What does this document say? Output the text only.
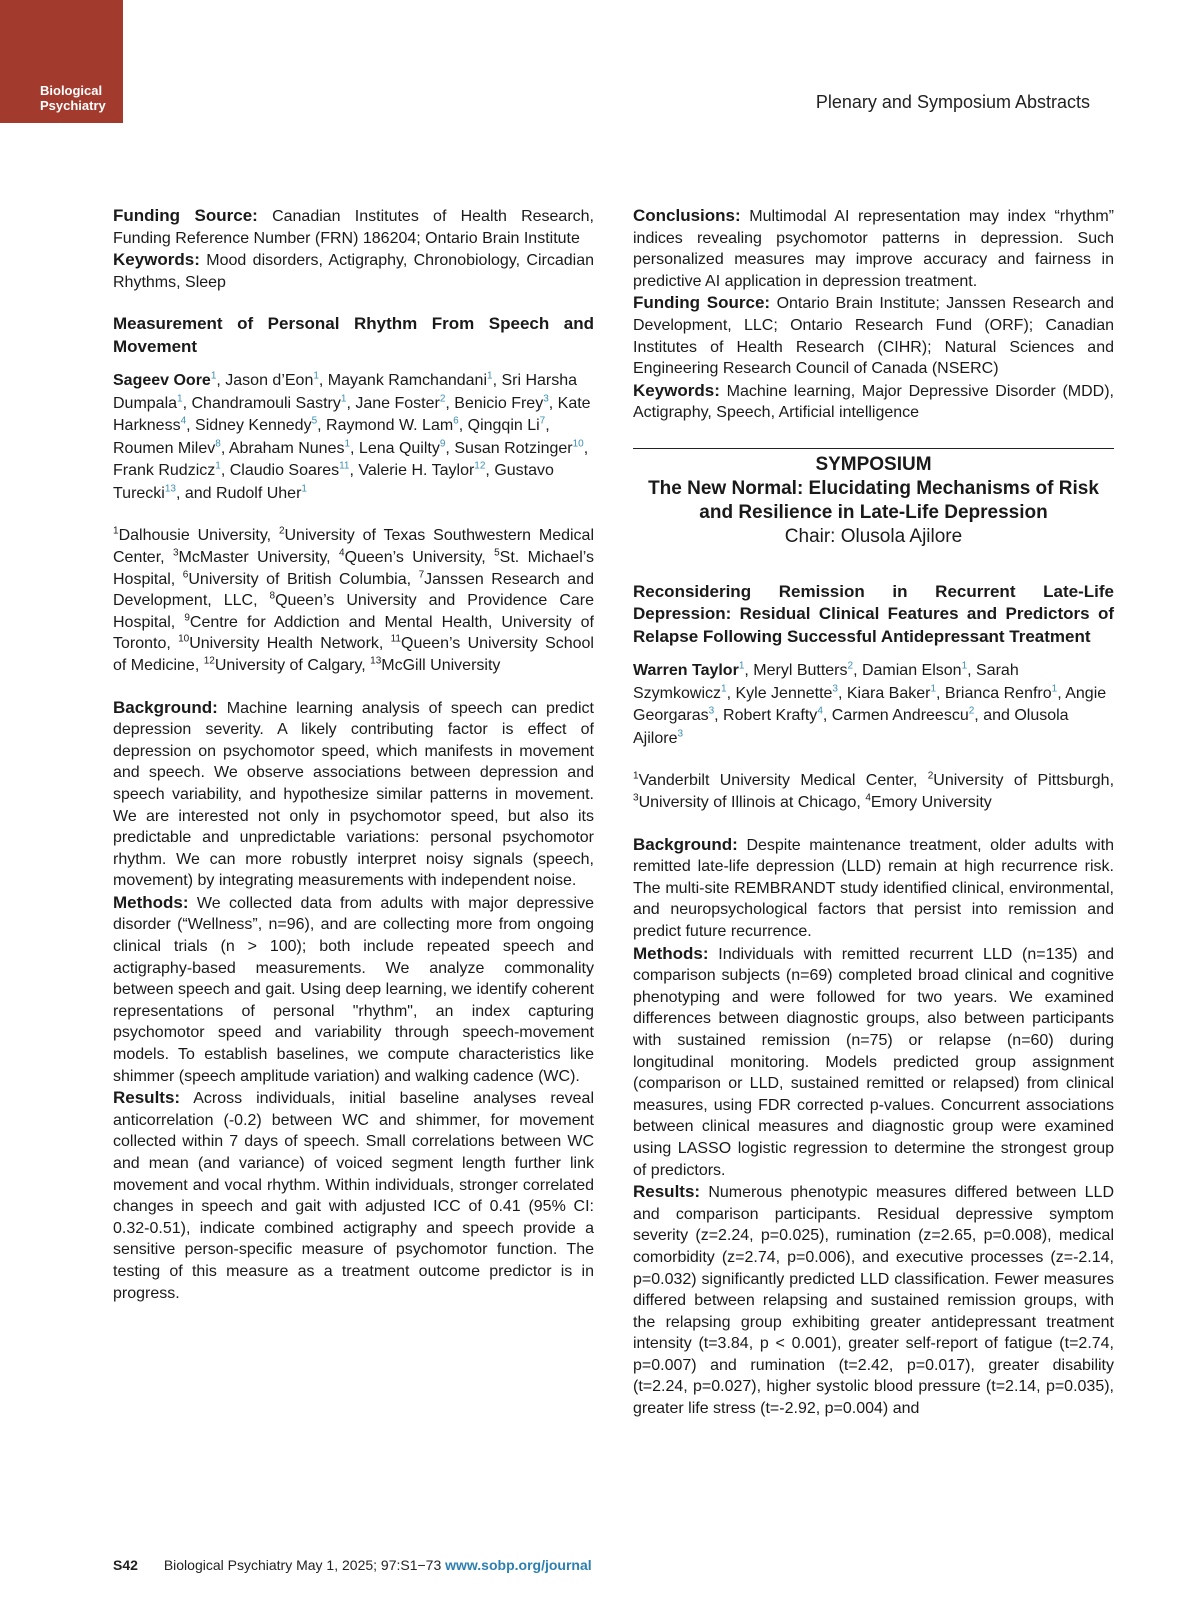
Biological
Psychiatry	Plenary and Symposium Abstracts

Funding Source: Canadian Institutes of Health Research, Funding Reference Number (FRN) 186204; Ontario Brain Institute

Keywords: Mood disorders, Actigraphy, Chronobiology, Circadian Rhythms, Sleep

Measurement of Personal Rhythm From Speech and Movement
Sageev Oore$^1$, Jason d’Eon$^1$, Mayank Ramchandani$^1$, Sri Harsha Dumpala$^1$, Chandramouli Sastry$^1$, Jane Foster$^2$, Benicio Frey$^3$, Kate Harkness$^4$, Sidney Kennedy$^5$, Raymond W. Lam$^6$, Qingqin Li$^7$, Roumen Milev$^8$, Abraham Nunes$^1$, Lena Quilty$^9$, Susan Rotzinger$^{10}$, Frank Rudzicz$^1$, Claudio Soares$^{11}$, Valerie H. Taylor$^{12}$, Gustavo Turecki$^{13}$, and Rudolf Uher$^1$

$^1$Dalhousie University, $^2$University of Texas Southwestern Medical Center, $^3$McMaster University, $^4$Queen’s University, $^5$St. Michael’s Hospital, $^6$University of British Columbia, $^7$Janssen Research and Development, LLC, $^8$Queen’s University and Providence Care Hospital, $^9$Centre for Addiction and Mental Health, University of Toronto, $^{10}$University Health Network, $^{11}$Queen’s University School of Medicine, $^{12}$University of Calgary, $^{13}$McGill University

Background: Machine learning analysis of speech can predict depression severity. A likely contributing factor is effect of depression on psychomotor speed, which manifests in movement and speech. We observe associations between depression and speech variability, and hypothesize similar patterns in movement. We are interested not only in psychomotor speed, but also its predictable and unpredictable variations: personal psychomotor rhythm. We can more robustly interpret noisy signals (speech, movement) by integrating measurements with independent noise.

Methods: We collected data from adults with major depressive disorder (“Wellness”, n=96), and are collecting more from ongoing clinical trials (n > 100); both include repeated speech and actigraphy-based measurements. We analyze commonality between speech and gait. Using deep learning, we identify coherent representations of personal "rhythm", an index capturing psychomotor speed and variability through speech-movement models. To establish baselines, we compute characteristics like shimmer (speech amplitude variation) and walking cadence (WC).

Results: Across individuals, initial baseline analyses reveal anticorrelation (-0.2) between WC and shimmer, for movement collected within 7 days of speech. Small correlations between WC and mean (and variance) of voiced segment length further link movement and vocal rhythm. Within individuals, stronger correlated changes in speech and gait with adjusted ICC of 0.41 (95% CI: 0.32-0.51), indicate combined actigraphy and speech provide a sensitive person-specific measure of psychomotor function. The testing of this measure as a treatment outcome predictor is in progress.

Conclusions: Multimodal AI representation may index “rhythm” indices revealing psychomotor patterns in depression. Such personalized measures may improve accuracy and fairness in predictive AI application in depression treatment.

Funding Source: Ontario Brain Institute; Janssen Research and Development, LLC; Ontario Research Fund (ORF); Canadian Institutes of Health Research (CIHR); Natural Sciences and Engineering Research Council of Canada (NSERC)

Keywords: Machine learning, Major Depressive Disorder (MDD), Actigraphy, Speech, Artificial intelligence

SYMPOSIUM
The New Normal: Elucidating Mechanisms of Risk and Resilience in Late-Life Depression
Chair: Olusola Ajilore
Reconsidering Remission in Recurrent Late-Life Depression: Residual Clinical Features and Predictors of Relapse Following Successful Antidepressant Treatment
Warren Taylor$^1$, Meryl Butters$^2$, Damian Elson$^1$, Sarah Szymkowicz$^1$, Kyle Jennette$^3$, Kiara Baker$^1$, Brianca Renfro$^1$, Angie Georgaras$^3$, Robert Krafty$^4$, Carmen Andreescu$^2$, and Olusola Ajilore$^3$

$^1$Vanderbilt University Medical Center, $^2$University of Pittsburgh, $^3$University of Illinois at Chicago, $^4$Emory University

Background: Despite maintenance treatment, older adults with remitted late-life depression (LLD) remain at high recurrence risk. The multi-site REMBRANDT study identified clinical, environmental, and neuropsychological factors that persist into remission and predict future recurrence.

Methods: Individuals with remitted recurrent LLD (n=135) and comparison subjects (n=69) completed broad clinical and cognitive phenotyping and were followed for two years. We examined differences between diagnostic groups, also between participants with sustained remission (n=75) or relapse (n=60) during longitudinal monitoring. Models predicted group assignment (comparison or LLD, sustained remitted or relapsed) from clinical measures, using FDR corrected p-values. Concurrent associations between clinical measures and diagnostic group were examined using LASSO logistic regression to determine the strongest group of predictors.

Results: Numerous phenotypic measures differed between LLD and comparison participants. Residual depressive symptom severity (z=2.24, p=0.025), rumination (z=2.65, p=0.008), medical comorbidity (z=2.74, p=0.006), and executive processes (z=-2.14, p=0.032) significantly predicted LLD classification. Fewer measures differed between relapsing and sustained remission groups, with the relapsing group exhibiting greater antidepressant treatment intensity (t=3.84, p < 0.001), greater self-report of fatigue (t=2.74, p=0.007) and rumination (t=2.42, p=0.017), greater disability (t=2.24, p=0.027), higher systolic blood pressure (t=2.14, p=0.035), greater life stress (t=-2.92, p=0.004) and

S42 Biological Psychiatry May 1, 2025; 97:S1−73 www.sobp.org/journal
